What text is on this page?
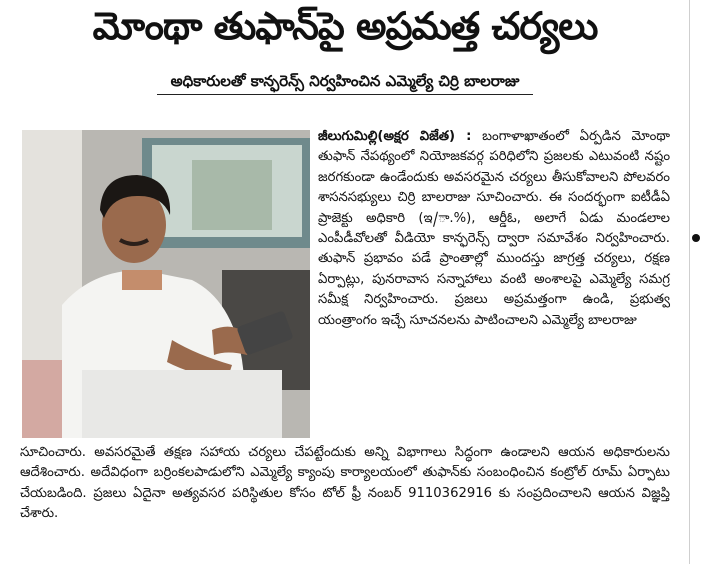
మోంథా తుఫాన్‌పై అప్రమత్త చర్యలు
అధికారులతో కాన్ఫరెన్స్ నిర్వహించిన ఎమ్మెల్యే చిర్రి బాలరాజు

జీలుగుమిల్లి(అక్షర విజేత) : బంగాళాఖాతంలో ఏర్పడిన మోంథా తుఫాన్ నేపథ్యంలో నియోజకవర్గ పరిధిలోని ప్రజలకు ఎటువంటి నష్టం జరగకుండా ఉండేందుకు అవసరమైన చర్యలు తీసుకోవాలని పోలవరం శాసనసభ్యులు చిర్రి బాలరాజు సూచించారు. ఈ సందర్భంగా ఐటీడీఏ ప్రాజెక్టు అధికారి (ఇ/ా.%), ఆర్డీఓ, అలాగే ఏడు మండలాల ఎంపీడీవోలతో వీడియో కాన్ఫరెన్స్ ద్వారా సమావేశం నిర్వహించారు. తుఫాన్ ప్రభావం పడే ప్రాంతాల్లో ముందస్తు జాగ్రత్త చర్యలు, రక్షణ ఏర్పాట్లు, పునరావాస సన్నాహాలు వంటి అంశాలపై ఎమ్మెల్యే సమగ్ర సమీక్ష నిర్వహించారు. ప్రజలు అప్రమత్తంగా ఉండి, ప్రభుత్వ యంత్రాంగం ఇచ్చే సూచనలను పాటించాలని ఎమ్మెల్యే బాలరాజు

సూచించారు. అవసరమైతే తక్షణ సహాయ చర్యలు చేపట్టేందుకు అన్ని విభాగాలు సిద్ధంగా ఉండాలని ఆయన అధికారులను ఆదేశించారు. అదేవిధంగా బర్రింకలపాడులోని ఎమ్మెల్యే క్యాంపు కార్యాలయంలో తుఫాన్‌కు సంబంధించిన కంట్రోల్ రూమ్ ఏర్పాటు చేయబడింది. ప్రజలు ఏదైనా అత్యవసర పరిస్థితుల కోసం టోల్ ఫ్రీ నంబర్ 9110362916 కు సంప్రదించాలని ఆయన విజ్ఞప్తి చేశారు.
